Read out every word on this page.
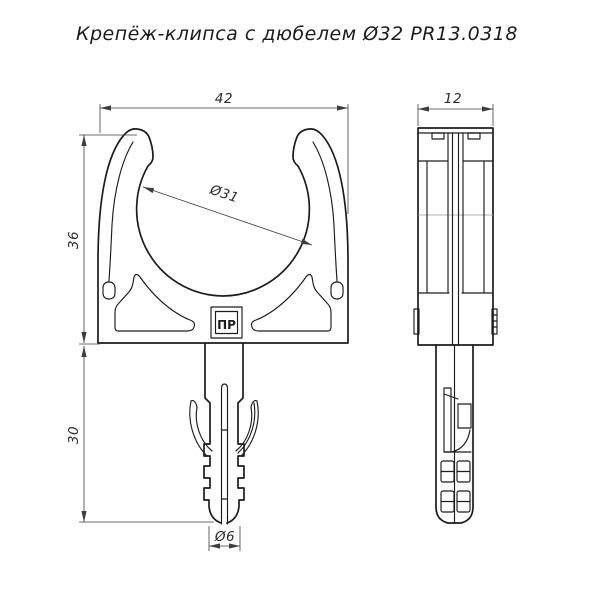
Крепёж-клипса с дюбелем Ø32 PR13.0318
ПР
42
36
30
Ø31
12
Ø6
